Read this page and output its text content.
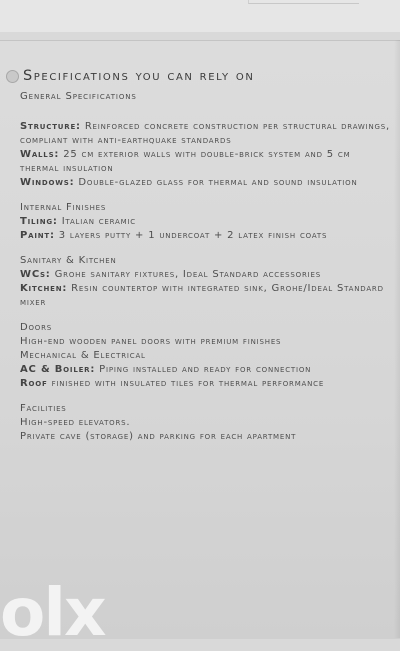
Specifications you can rely on
General Specifications
Structure: Reinforced concrete construction per structural drawings, compliant with anti-earthquake standards
Walls: 25 cm exterior walls with double-brick system and 5 cm thermal insulation
Windows: Double-glazed glass for thermal and sound insulation
Internal Finishes
Tiling: Italian ceramic
Paint: 3 layers putty + 1 undercoat + 2 latex finish coats
Sanitary & Kitchen
WCs: Grohe sanitary fixtures, Ideal Standard accessories
Kitchen: Resin countertop with integrated sink, Grohe/Ideal Standard mixer
Doors
High-end wooden panel doors with premium finishes
Mechanical & Electrical
AC & Boiler: Piping installed and ready for connection
Roof finished with insulated tiles for thermal performance
Facilities
High-speed elevators.
Private cave (storage) and parking for each apartment
olx
